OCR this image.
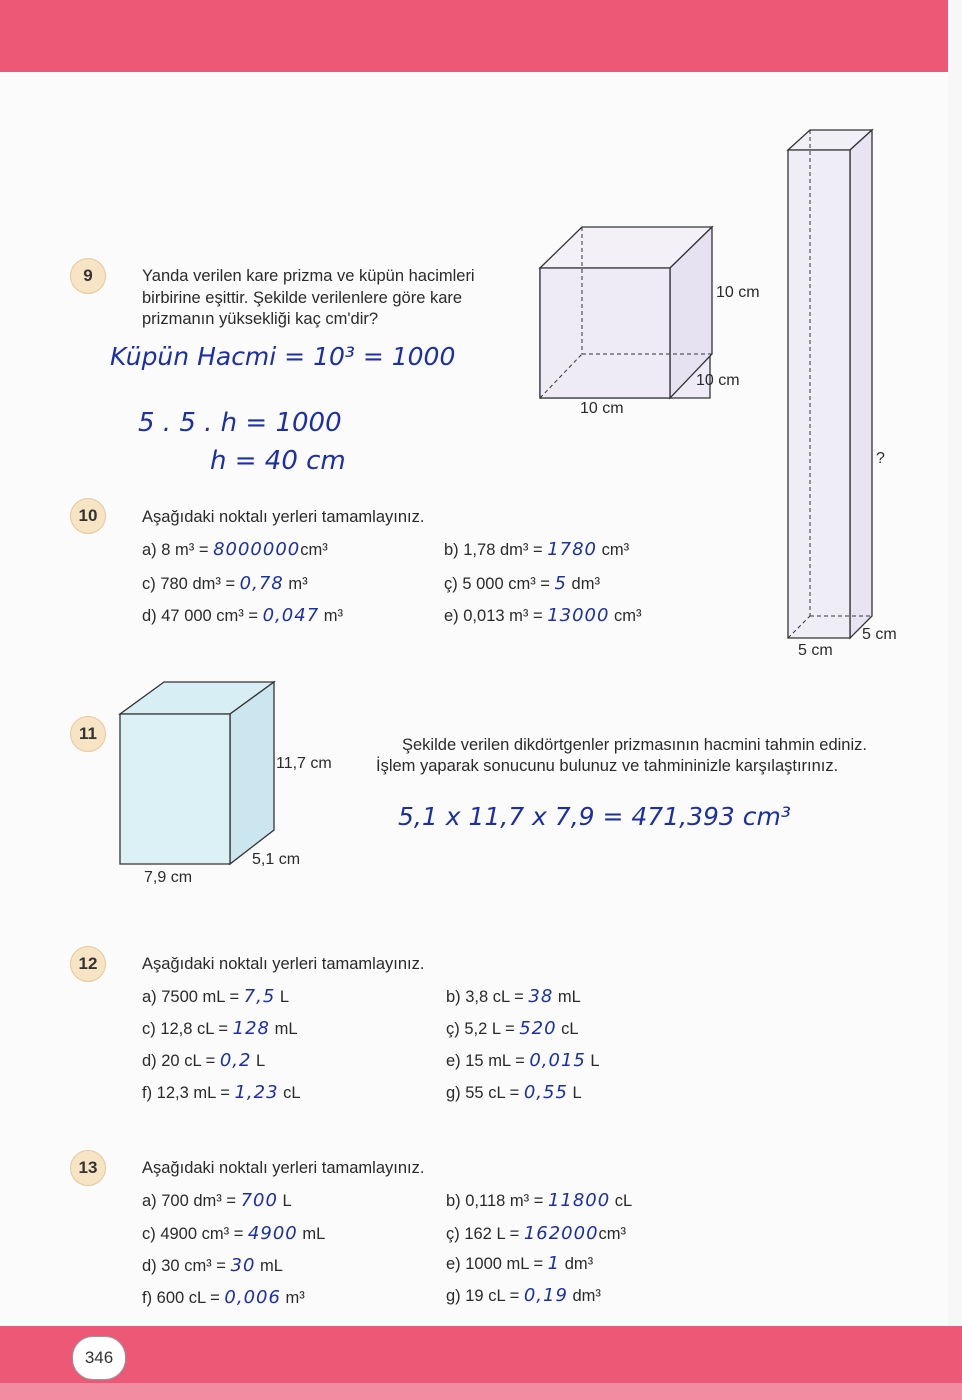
9	Yanda verilen kare prizma ve küpün hacimleri birbirine eşittir. Şekilde verilenlere göre kare prizmanın yüksekliği kaç cm'dir?
Küpün Hacmi = 10³ = 1000
5 . 5 . h = 1000
h = 40 cm
10 cm
10 cm
10 cm
?
5 cm
5 cm
10	Aşağıdaki noktalı yerleri tamamlayınız.
a) 8 m³ = 8000000cm³	b) 1,78 dm³ = 1780 cm³
c) 780 dm³ = 0,78 m³	ç) 5 000 cm³ = 5 dm³
d) 47 000 cm³ = 0,047 m³	e) 0,013 m³ = 13000 cm³
11
11,7 cm
5,1 cm
7,9 cm
Şekilde verilen dikdörtgenler prizmasının hacmini tahmin ediniz.
İşlem yaparak sonucunu bulunuz ve tahmininizle karşılaştırınız.
5,1 x 11,7 x 7,9 = 471,393 cm³
12	Aşağıdaki noktalı yerleri tamamlayınız.
a) 7500 mL = 7,5 L	b) 3,8 cL = 38 mL
c) 12,8 cL = 128 mL	ç) 5,2 L = 520 cL
d) 20 cL = 0,2 L	e) 15 mL = 0,015 L
f) 12,3 mL = 1,23 cL	g) 55 cL = 0,55 L
13	Aşağıdaki noktalı yerleri tamamlayınız.
a) 700 dm³ = 700 L	b) 0,118 m³ = 11800 cL
c) 4900 cm³ = 4900 mL	ç) 162 L = 162000cm³
d) 30 cm³ = 30 mL	e) 1000 mL = 1 dm³
f) 600 cL = 0,006 m³	g) 19 cL = 0,19 dm³
346
